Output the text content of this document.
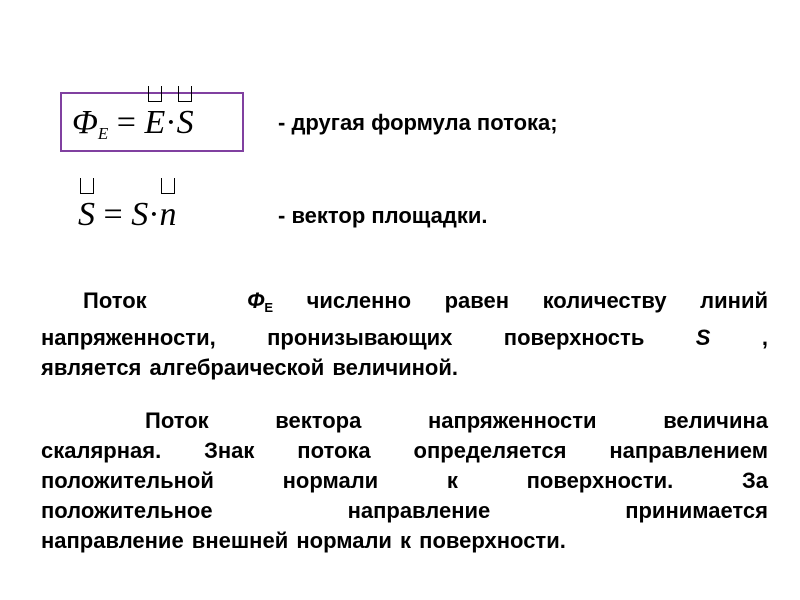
$\Phi_E = E\cdot$
S	- другая формула потока;
S = S·
n	- вектор площадки.
Поток	ФE численно равен количеству линий
напряженности, пронизывающих поверхность S ,
является алгебраической величиной.
Поток вектора напряженности величина
скалярная. Знак потока определяется направлением
положительной нормали к поверхности. За
положительное направление принимается
направление внешней нормали к поверхности.
